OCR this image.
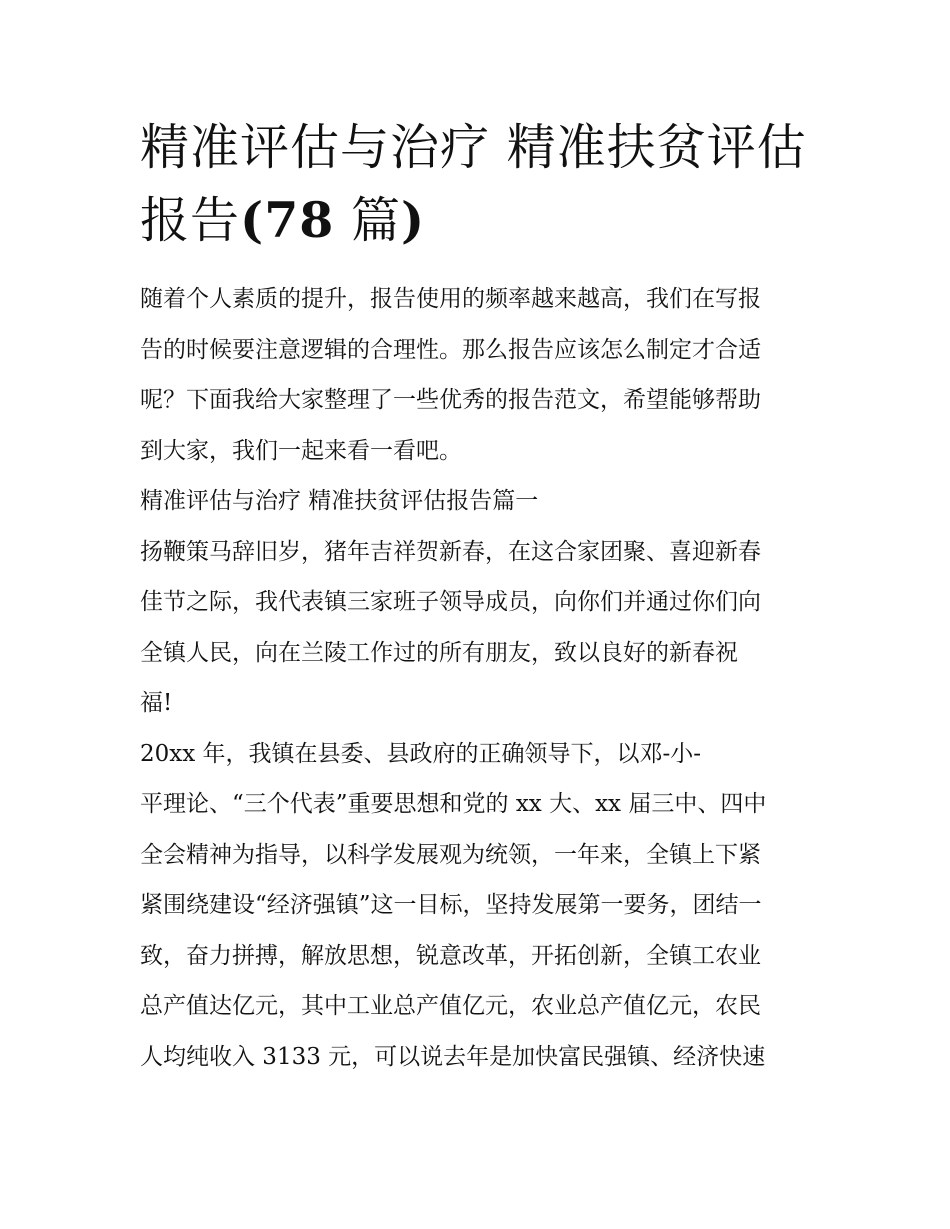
精准评估与治疗 精准扶贫评估
报告(78 篇)

随着个人素质的提升，报告使用的频率越来越高，我们在写报
告的时候要注意逻辑的合理性。那么报告应该怎么制定才合适
呢？下面我给大家整理了一些优秀的报告范文，希望能够帮助
到大家，我们一起来看一看吧。

精准评估与治疗 精准扶贫评估报告篇一

扬鞭策马辞旧岁，猪年吉祥贺新春，在这合家团聚、喜迎新春
佳节之际，我代表镇三家班子领导成员，向你们并通过你们向
全镇人民，向在兰陵工作过的所有朋友，致以良好的新春祝
福!

20xx 年，我镇在县委、县政府的正确领导下，以邓-小-
平理论、“三个代表”重要思想和党的 xx 大、xx 届三中、四中
全会精神为指导，以科学发展观为统领，一年来，全镇上下紧
紧围绕建设“经济强镇”这一目标，坚持发展第一要务，团结一
致，奋力拼搏，解放思想，锐意改革，开拓创新，全镇工农业
总产值达亿元，其中工业总产值亿元，农业总产值亿元，农民
人均纯收入 3133 元，可以说去年是加快富民强镇、经济快速
